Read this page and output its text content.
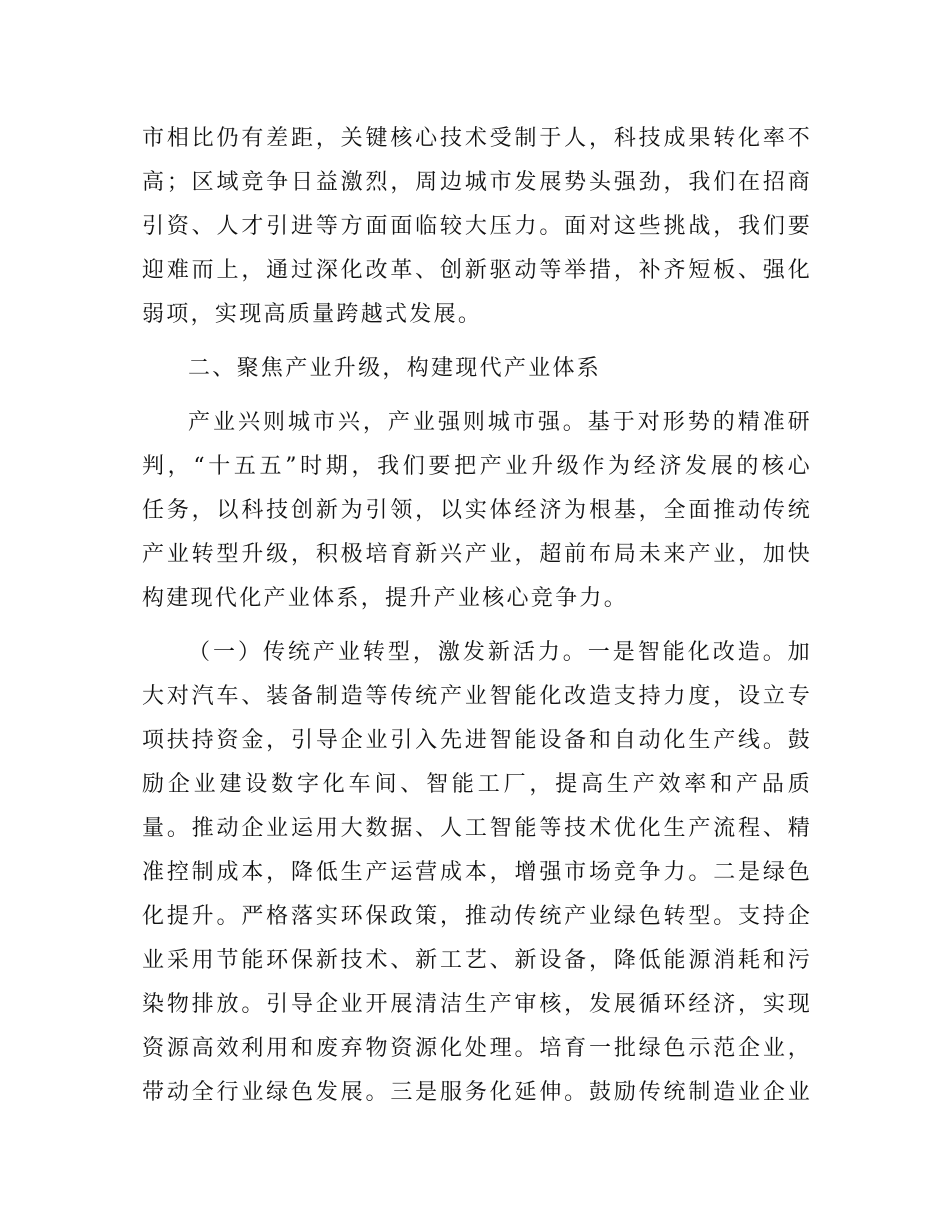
市相比仍有差距，关键核心技术受制于人，科技成果转化率不
高；区域竞争日益激烈，周边城市发展势头强劲，我们在招商
引资、人才引进等方面面临较大压力。面对这些挑战，我们要
迎难而上，通过深化改革、创新驱动等举措，补齐短板、强化
弱项，实现高质量跨越式发展。
二、聚焦产业升级，构建现代产业体系
产业兴则城市兴，产业强则城市强。基于对形势的精准研
判，“十五五”时期，我们要把产业升级作为经济发展的核心
任务，以科技创新为引领，以实体经济为根基，全面推动传统
产业转型升级，积极培育新兴产业，超前布局未来产业，加快
构建现代化产业体系，提升产业核心竞争力。
（一）传统产业转型，激发新活力。一是智能化改造。加
大对汽车、装备制造等传统产业智能化改造支持力度，设立专
项扶持资金，引导企业引入先进智能设备和自动化生产线。鼓
励企业建设数字化车间、智能工厂，提高生产效率和产品质
量。推动企业运用大数据、人工智能等技术优化生产流程、精
准控制成本，降低生产运营成本，增强市场竞争力。二是绿色
化提升。严格落实环保政策，推动传统产业绿色转型。支持企
业采用节能环保新技术、新工艺、新设备，降低能源消耗和污
染物排放。引导企业开展清洁生产审核，发展循环经济，实现
资源高效利用和废弃物资源化处理。培育一批绿色示范企业，
带动全行业绿色发展。三是服务化延伸。鼓励传统制造业企业
